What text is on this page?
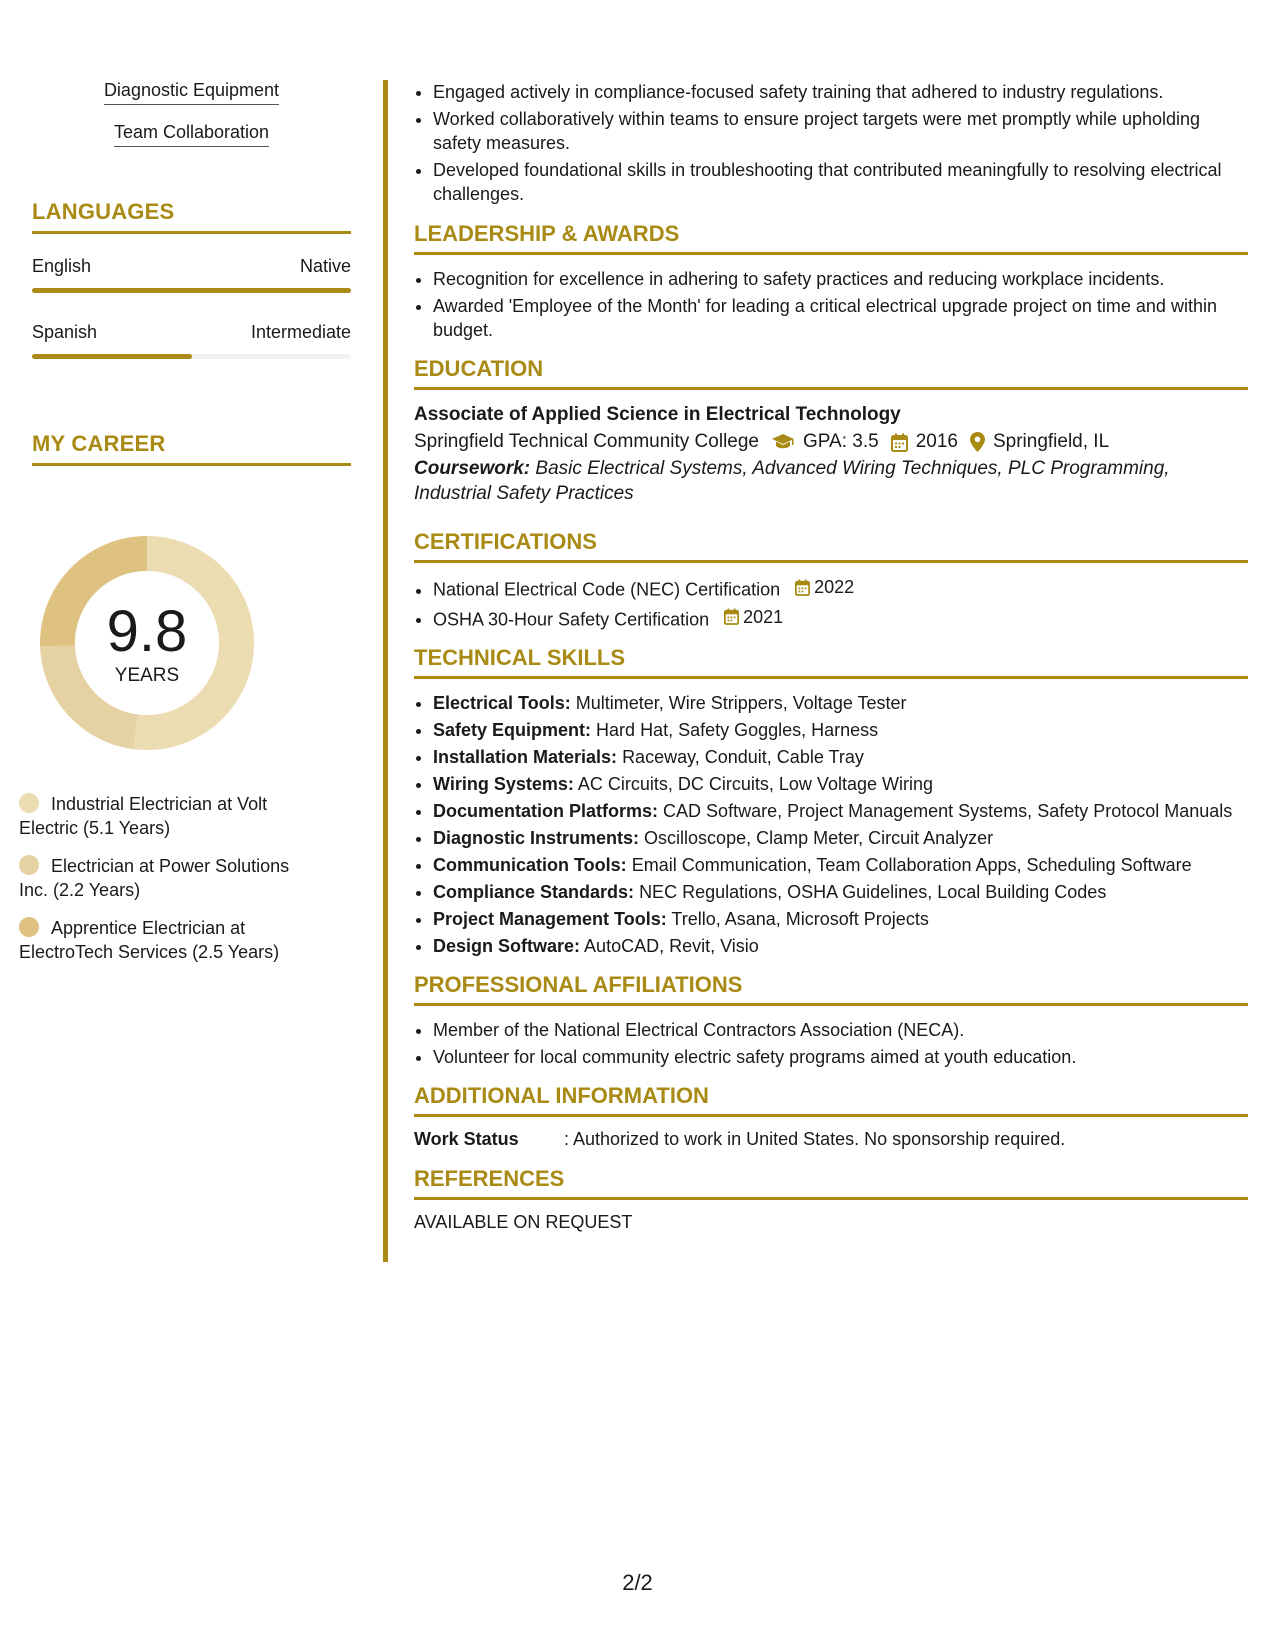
Diagnostic Equipment
Team Collaboration
LANGUAGES
English	Native
Spanish	Intermediate
MY CAREER
9.8
YEARS
Industrial Electrician at Volt Electric (5.1 Years)
Electrician at Power Solutions Inc. (2.2 Years)
Apprentice Electrician at ElectroTech Services (2.5 Years)
• Engaged actively in compliance-focused safety training that adhered to industry regulations.
• Worked collaboratively within teams to ensure project targets were met promptly while upholding safety measures.
• Developed foundational skills in troubleshooting that contributed meaningfully to resolving electrical challenges.
LEADERSHIP & AWARDS
• Recognition for excellence in adhering to safety practices and reducing workplace incidents.
• Awarded 'Employee of the Month' for leading a critical electrical upgrade project on time and within budget.
EDUCATION
Associate of Applied Science in Electrical Technology
Springfield Technical Community College GPA: 3.5 2016 Springfield, IL
Coursework: Basic Electrical Systems, Advanced Wiring Techniques, PLC Programming, Industrial Safety Practices
CERTIFICATIONS
• National Electrical Code (NEC) Certification 2022
• OSHA 30-Hour Safety Certification 2021
TECHNICAL SKILLS
• Electrical Tools: Multimeter, Wire Strippers, Voltage Tester
• Safety Equipment: Hard Hat, Safety Goggles, Harness
• Installation Materials: Raceway, Conduit, Cable Tray
• Wiring Systems: AC Circuits, DC Circuits, Low Voltage Wiring
• Documentation Platforms: CAD Software, Project Management Systems, Safety Protocol Manuals
• Diagnostic Instruments: Oscilloscope, Clamp Meter, Circuit Analyzer
• Communication Tools: Email Communication, Team Collaboration Apps, Scheduling Software
• Compliance Standards: NEC Regulations, OSHA Guidelines, Local Building Codes
• Project Management Tools: Trello, Asana, Microsoft Projects
• Design Software: AutoCAD, Revit, Visio
PROFESSIONAL AFFILIATIONS
• Member of the National Electrical Contractors Association (NECA).
• Volunteer for local community electric safety programs aimed at youth education.
ADDITIONAL INFORMATION
Work Status	: Authorized to work in United States. No sponsorship required.
REFERENCES
AVAILABLE ON REQUEST
2/2
